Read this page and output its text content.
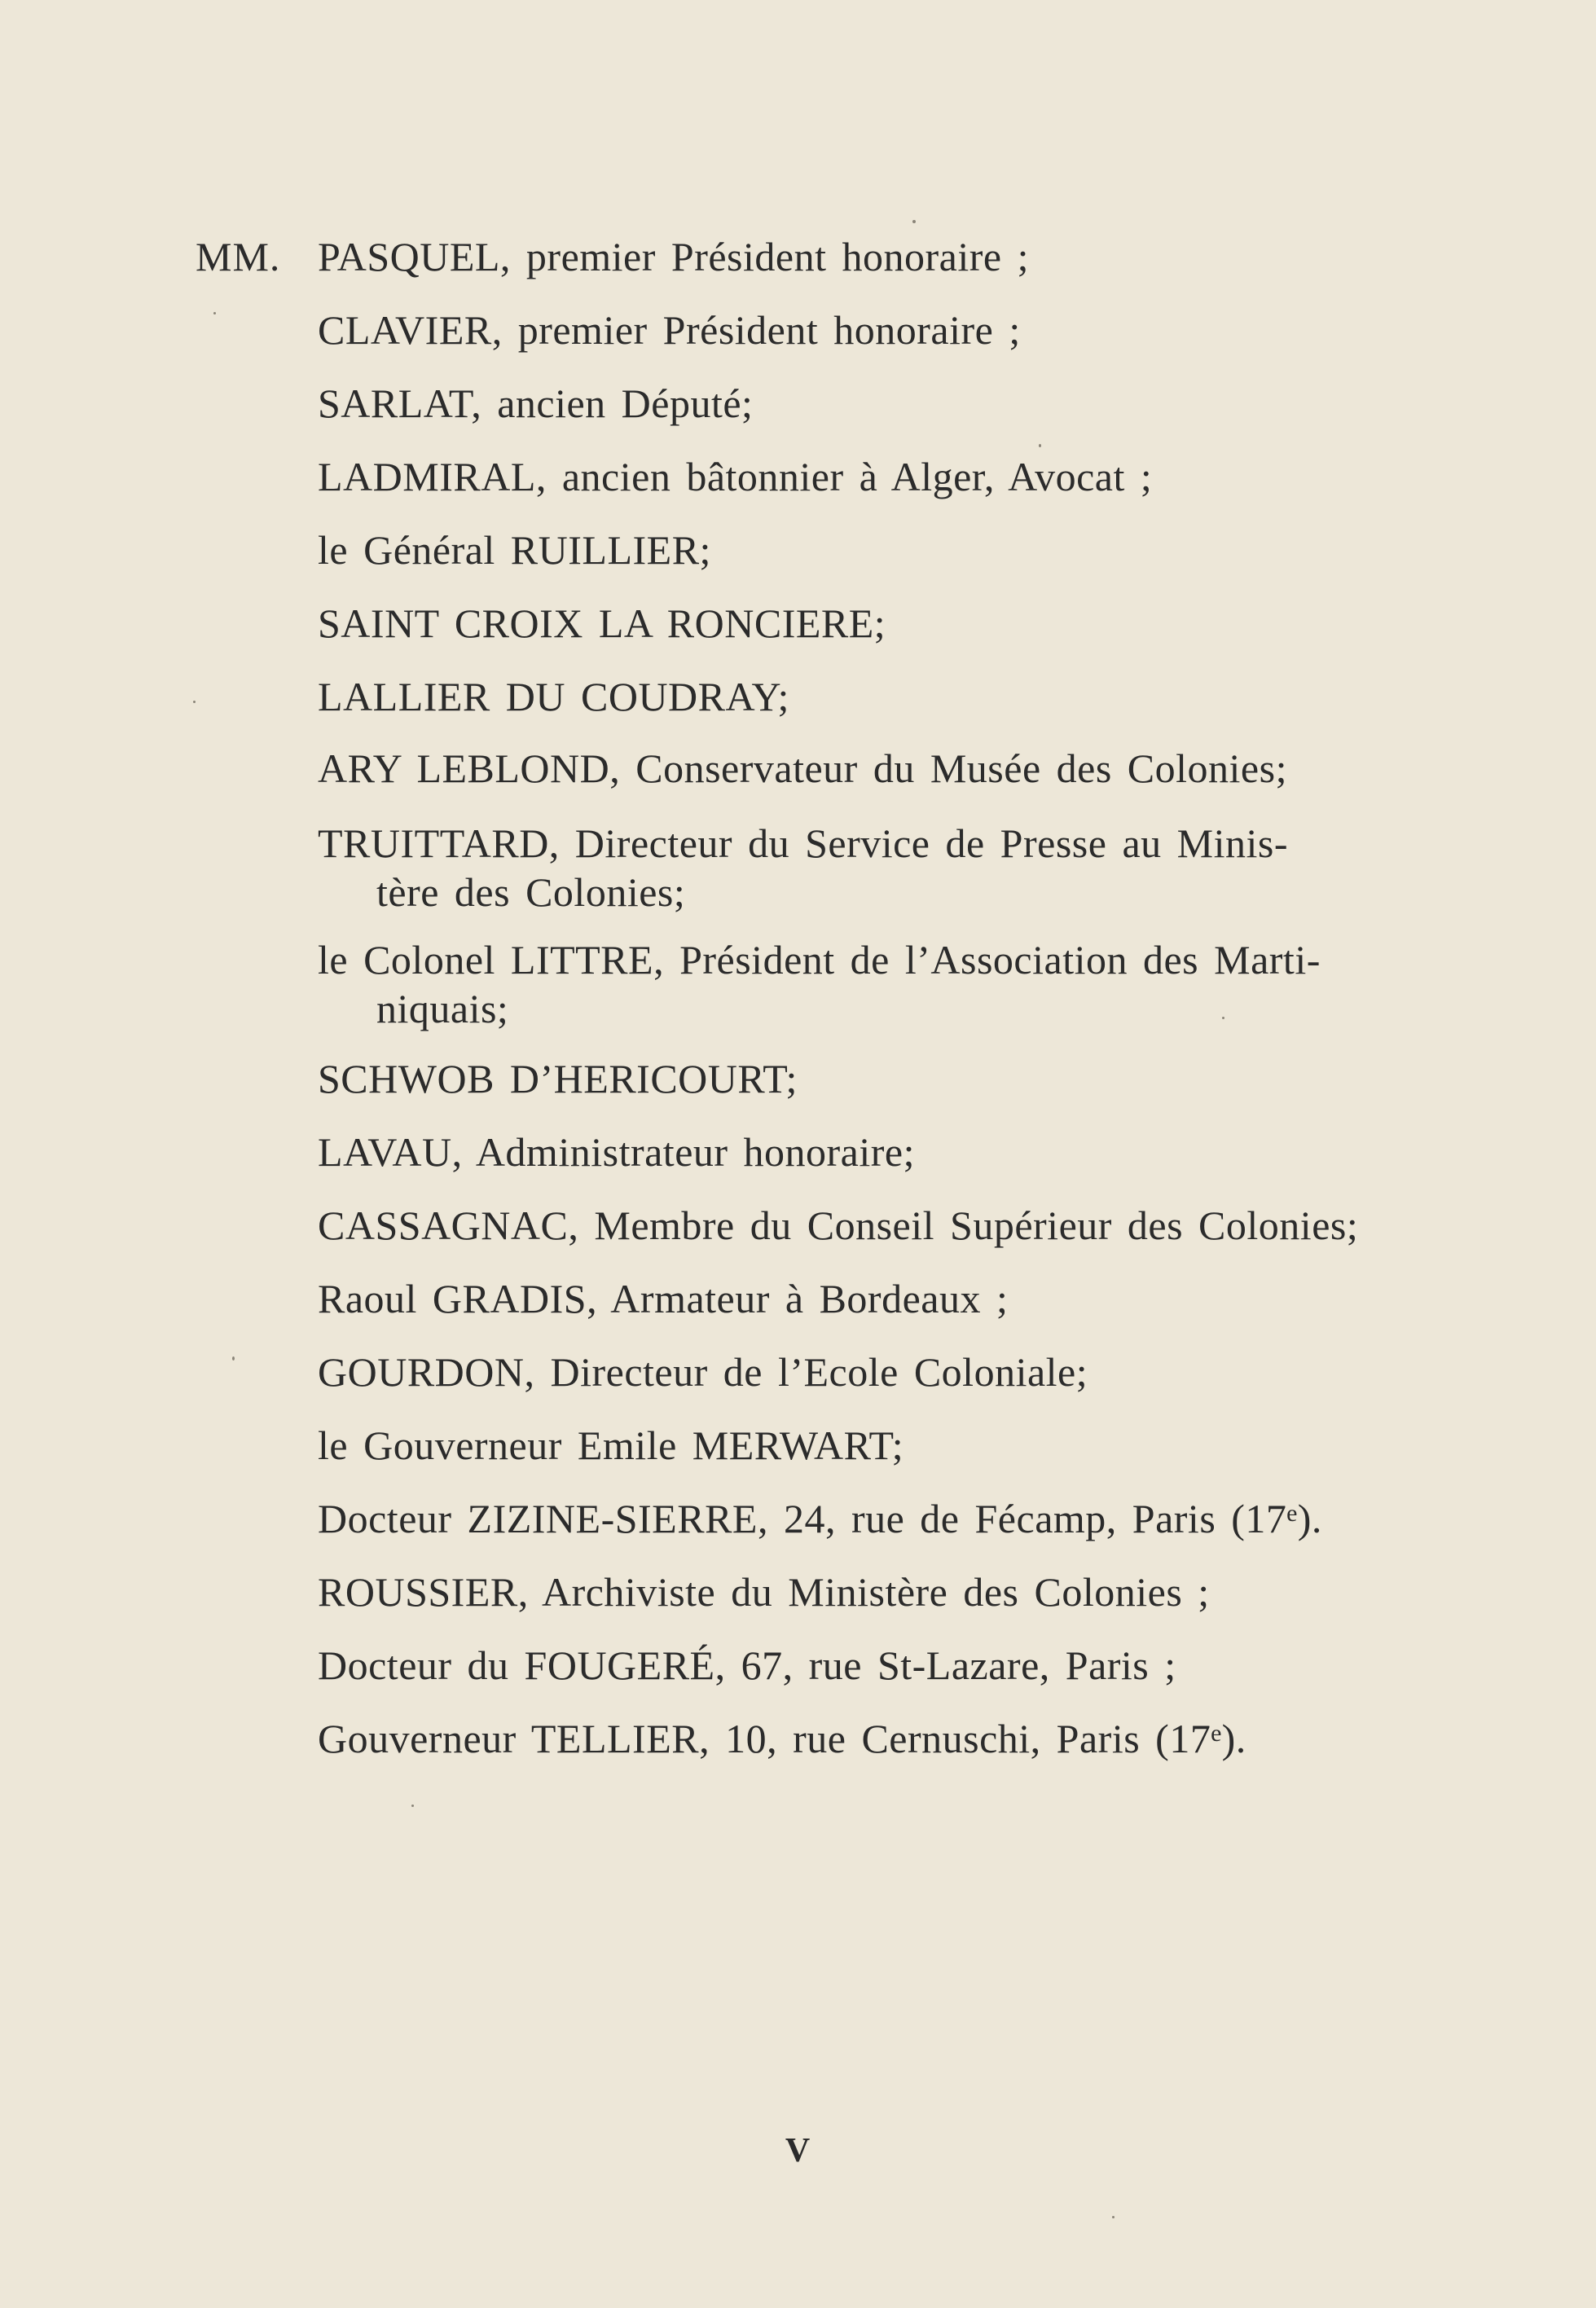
MM. PASQUEL, premier Président honoraire ;
CLAVIER, premier Président honoraire ;
SARLAT, ancien Député;
LADMIRAL, ancien bâtonnier à Alger, Avocat ;
le Général RUILLIER;
SAINT CROIX LA RONCIERE;
LALLIER DU COUDRAY;
ARY LEBLOND, Conservateur du Musée des Colonies;
TRUITTARD, Directeur du Service de Presse au Minis-
tère des Colonies;
le Colonel LITTRE, Président de l’Association des Marti-
niquais;
SCHWOB D’HERICOURT;
LAVAU, Administrateur honoraire;
CASSAGNAC, Membre du Conseil Supérieur des Colonies;
Raoul GRADIS, Armateur à Bordeaux ;
GOURDON, Directeur de l’Ecole Coloniale;
le Gouverneur Emile MERWART;
Docteur ZIZINE-SIERRE, 24, rue de Fécamp, Paris (17ᵉ).
ROUSSIER, Archiviste du Ministère des Colonies ;
Docteur du FOUGERÉ, 67, rue St-Lazare, Paris ;
Gouverneur TELLIER, 10, rue Cernuschi, Paris (17ᵉ).
V
